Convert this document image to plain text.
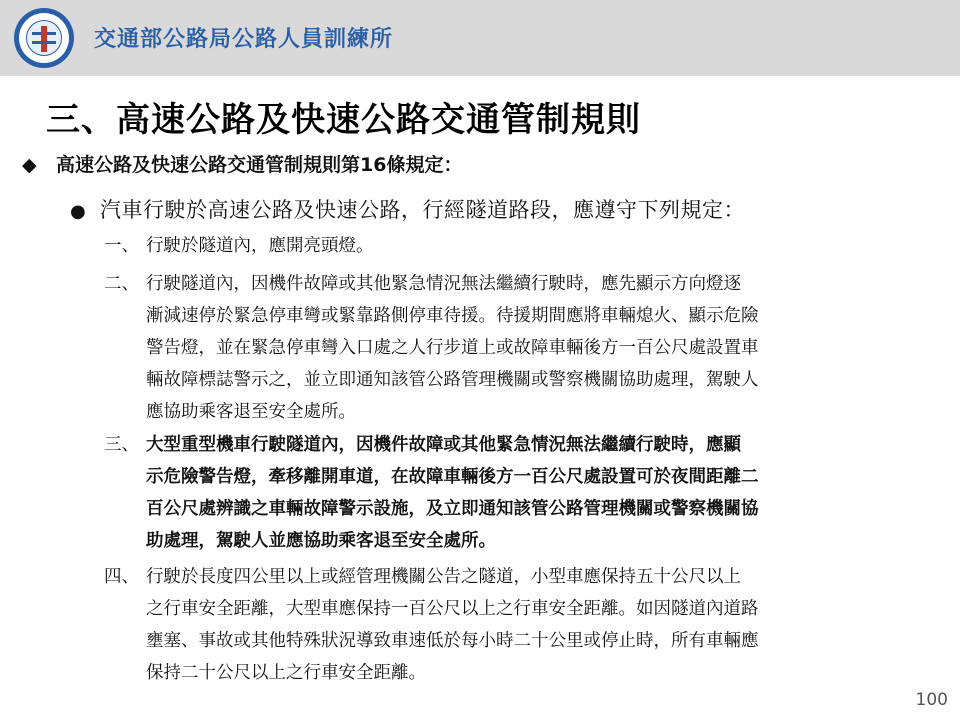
交通部公路局公路人員訓練所
三、高速公路及快速公路交通管制規則
◆ 高速公路及快速公路交通管制規則第16條規定：
● 汽車行駛於高速公路及快速公路，行經隧道路段，應遵守下列規定：
一、 行駛於隧道內，應開亮頭燈。
二、 行駛隧道內，因機件故障或其他緊急情況無法繼續行駛時，應先顯示方向燈逐
漸減速停於緊急停車彎或緊靠路側停車待援。待援期間應將車輛熄火、顯示危險
警告燈，並在緊急停車彎入口處之人行步道上或故障車輛後方一百公尺處設置車
輛故障標誌警示之，並立即通知該管公路管理機關或警察機關協助處理，駕駛人
應協助乘客退至安全處所。
三、 大型重型機車行駛隧道內，因機件故障或其他緊急情況無法繼續行駛時，應顯
示危險警告燈，牽移離開車道，在故障車輛後方一百公尺處設置可於夜間距離二
百公尺處辨識之車輛故障警示設施，及立即通知該管公路管理機關或警察機關協
助處理，駕駛人並應協助乘客退至安全處所。
四、 行駛於長度四公里以上或經管理機關公告之隧道，小型車應保持五十公尺以上
之行車安全距離，大型車應保持一百公尺以上之行車安全距離。如因隧道內道路
壅塞、事故或其他特殊狀況導致車速低於每小時二十公里或停止時，所有車輛應
保持二十公尺以上之行車安全距離。
100
